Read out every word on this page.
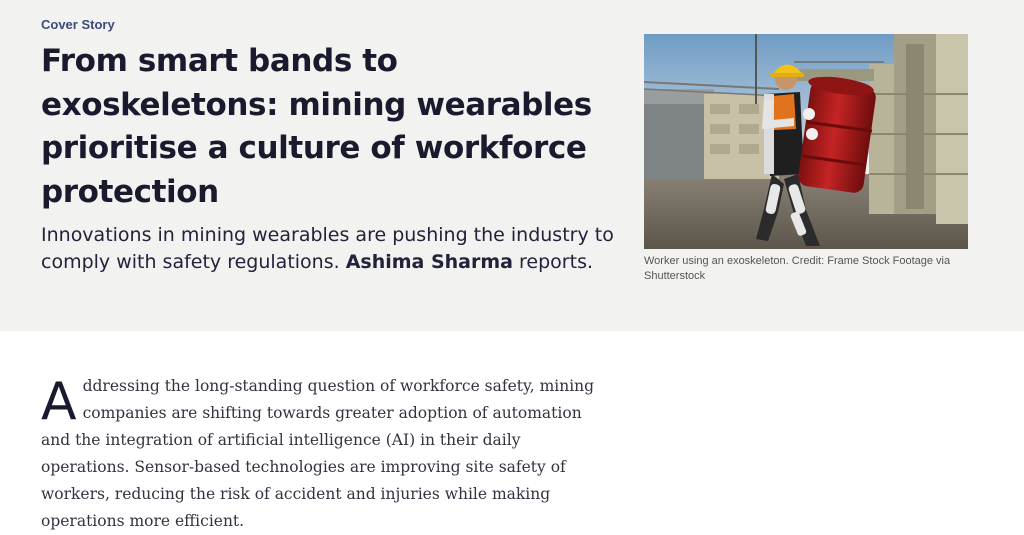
Cover Story
From smart bands to exoskeletons: mining wearables prioritise a culture of workforce protection

Innovations in mining wearables are pushing the industry to comply with safety regulations. Ashima Sharma reports.	Worker using an exoskeleton. Credit: Frame Stock Footage via Shutterstock

Addressing the long-standing question of workforce safety, mining companies are shifting towards greater adoption of automation and the integration of artificial intelligence (AI) in their daily operations. Sensor-based technologies are improving site safety of workers, reducing the risk of accident and injuries while making operations more efficient.
